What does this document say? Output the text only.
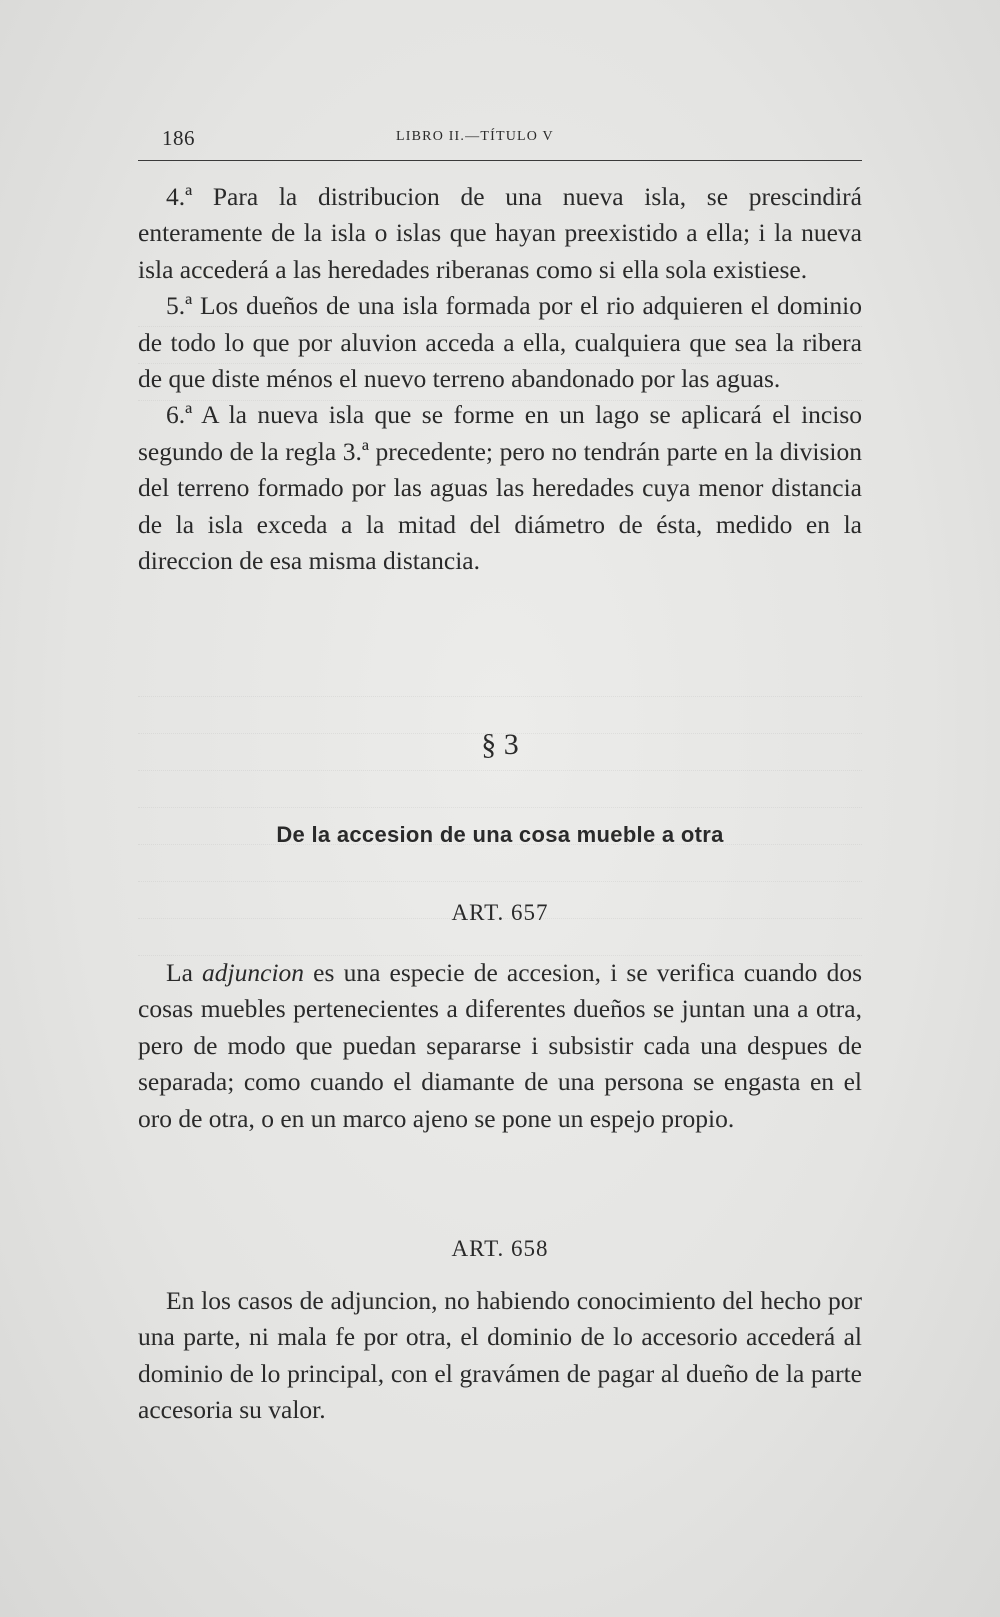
186	LIBRO II.—TÍTULO V

4.ª Para la distribucion de una nueva isla, se prescindirá enteramente de la isla o islas que hayan preexistido a ella; i la nueva isla accederá a las heredades riberanas como si ella sola existiese.

5.ª Los dueños de una isla formada por el rio adquieren el dominio de todo lo que por aluvion acceda a ella, cualquiera que sea la ribera de que diste ménos el nuevo terreno abandonado por las aguas.

6.ª A la nueva isla que se forme en un lago se aplicará el inciso segundo de la regla 3.ª precedente; pero no tendrán parte en la division del terreno formado por las aguas las heredades cuya menor distancia de la isla exceda a la mitad del diámetro de ésta, medido en la direccion de esa misma distancia.

§ 3
De la accesion de una cosa mueble a otra
ART. 657

La adjuncion es una especie de accesion, i se verifica cuando dos cosas muebles pertenecientes a diferentes dueños se juntan una a otra, pero de modo que puedan separarse i subsistir cada una despues de separada; como cuando el diamante de una persona se engasta en el oro de otra, o en un marco ajeno se pone un espejo propio.

ART. 658

En los casos de adjuncion, no habiendo conocimiento del hecho por una parte, ni mala fe por otra, el dominio de lo accesorio accederá al dominio de lo principal, con el gravámen de pagar al dueño de la parte accesoria su valor.
